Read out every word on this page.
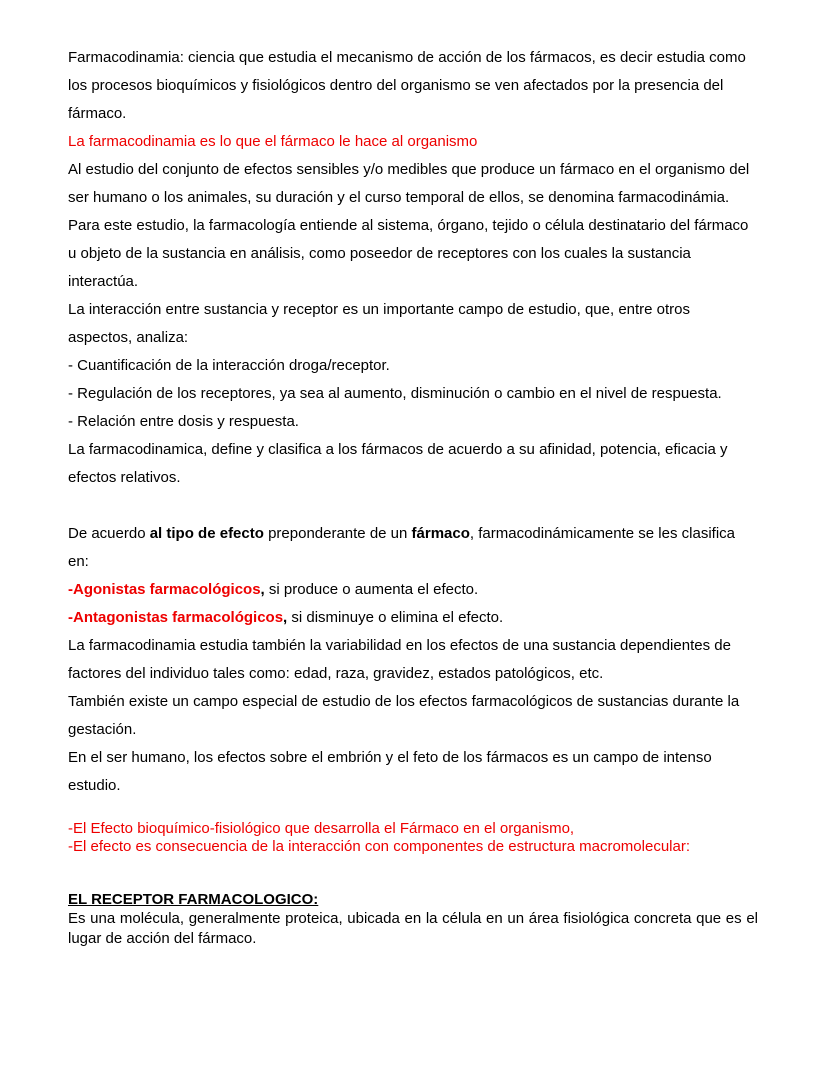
Farmacodinamia: ciencia que estudia el mecanismo de acción de los fármacos, es decir estudia como los procesos bioquímicos y fisiológicos dentro del organismo se ven afectados por la presencia del fármaco.

La farmacodinamia es lo que el fármaco le hace al organismo

Al estudio del conjunto de efectos sensibles y/o medibles que produce un fármaco en el organismo del ser humano o los animales, su duración y el curso temporal de ellos, se denomina farmacodinámia.

Para este estudio, la farmacología entiende al sistema, órgano, tejido o célula destinatario del fármaco u objeto de la sustancia en análisis, como poseedor de receptores con los cuales la sustancia interactúa.

La interacción entre sustancia y receptor es un importante campo de estudio, que, entre otros aspectos, analiza:

- Cuantificación de la interacción droga/receptor.

- Regulación de los receptores, ya sea al aumento, disminución o cambio en el nivel de respuesta.

- Relación entre dosis y respuesta.

La farmacodinamica, define y clasifica a los fármacos de acuerdo a su afinidad, potencia, eficacia y efectos relativos.

De acuerdo al tipo de efecto preponderante de un fármaco, farmacodinámicamente se les clasifica en:

-Agonistas farmacológicos, si produce o aumenta el efecto.

-Antagonistas farmacológicos, si disminuye o elimina el efecto.

La farmacodinamia estudia también la variabilidad en los efectos de una sustancia dependientes de factores del individuo tales como: edad, raza, gravidez, estados patológicos, etc.

También existe un campo especial de estudio de los efectos farmacológicos de sustancias durante la gestación.

En el ser humano, los efectos sobre el embrión y el feto de los fármacos es un campo de intenso estudio.

-El Efecto bioquímico-fisiológico que desarrolla el Fármaco en el organismo,

-El efecto es consecuencia de la interacción con componentes de estructura macromolecular:

EL RECEPTOR FARMACOLOGICO:

Es una molécula, generalmente proteica, ubicada en la célula en un área fisiológica concreta que es el lugar de acción del fármaco.
